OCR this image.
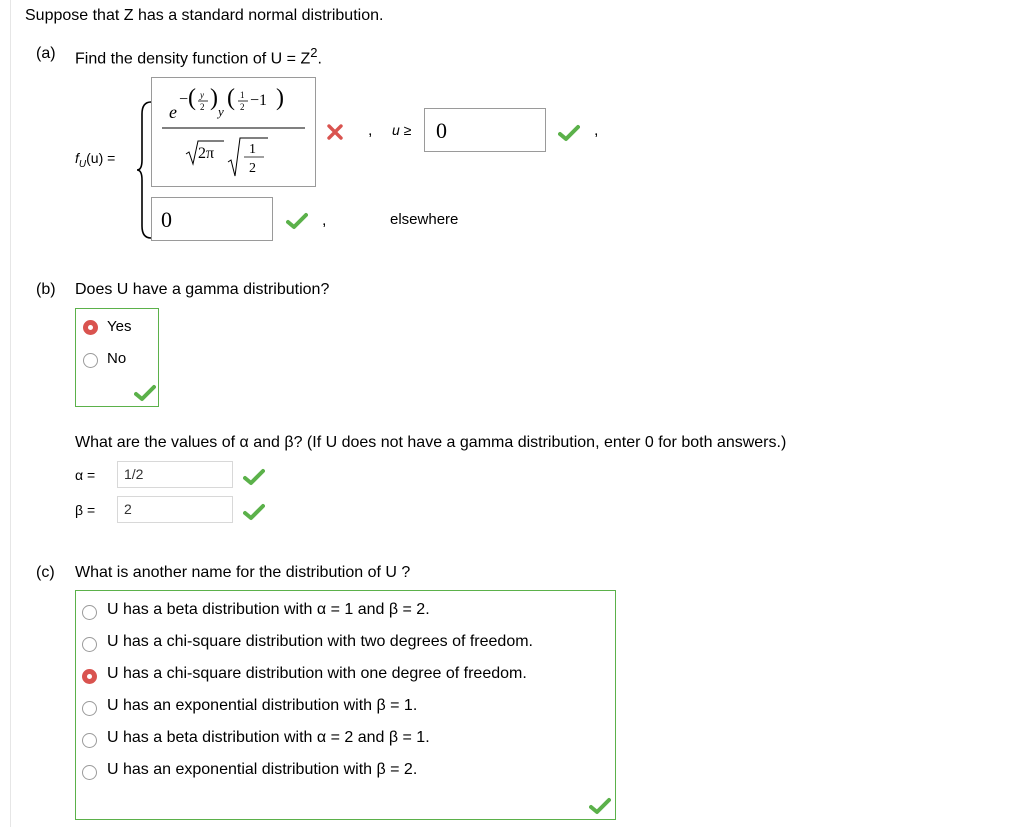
Suppose that Z has a standard normal distribution.
(a) Find the density function of $U = Z^2$.
$f_U(u)$ =
e
− ( y
2 )
y
( 1
2 −1 )
2π 1
2
, u ≥	0	,
0	,	elsewhere
(b) Does U have a gamma distribution?
Yes
No
What are the values of α and β? (If U does not have a gamma distribution, enter 0 for both answers.)
α =	1/2
β =	2
(c) What is another name for the distribution of U ?
U has a beta distribution with α = 1 and β = 2.
U has a chi-square distribution with two degrees of freedom.
U has a chi-square distribution with one degree of freedom.
U has an exponential distribution with β = 1.
U has a beta distribution with α = 2 and β = 1.
U has an exponential distribution with β = 2.
